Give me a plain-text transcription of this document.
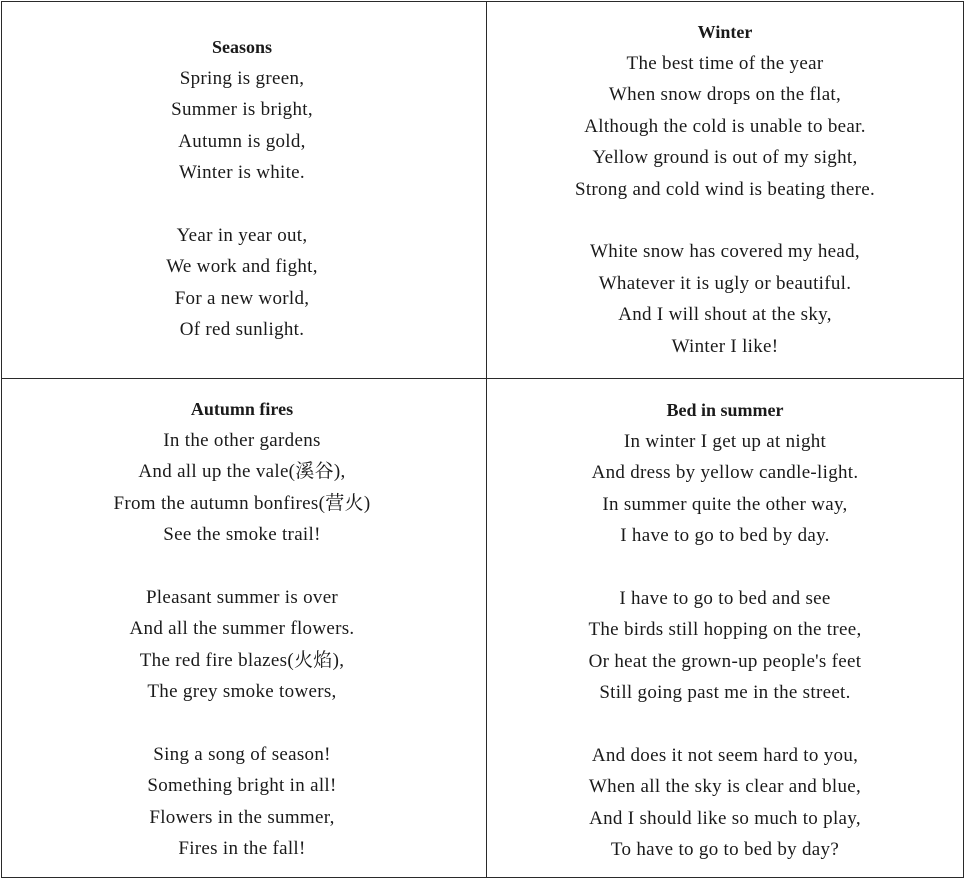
Seasons
Spring is green,
Summer is bright,
Autumn is gold,
Winter is white.
Year in year out,
We work and fight,
For a new world,
Of red sunlight.
Winter
The best time of the year
When snow drops on the flat,
Although the cold is unable to bear.
Yellow ground is out of my sight,
Strong and cold wind is beating there.
White snow has covered my head,
Whatever it is ugly or beautiful.
And I will shout at the sky,
Winter I like!
Autumn fires
In the other gardens
And all up the vale(溪谷),
From the autumn bonfires(营火)
See the smoke trail!
Pleasant summer is over
And all the summer flowers.
The red fire blazes(火焰),
The grey smoke towers,
Sing a song of season!
Something bright in all!
Flowers in the summer,
Fires in the fall!
Bed in summer
In winter I get up at night
And dress by yellow candle-light.
In summer quite the other way,
I have to go to bed by day.
I have to go to bed and see
The birds still hopping on the tree,
Or heat the grown-up people's feet
Still going past me in the street.
And does it not seem hard to you,
When all the sky is clear and blue,
And I should like so much to play,
To have to go to bed by day?
